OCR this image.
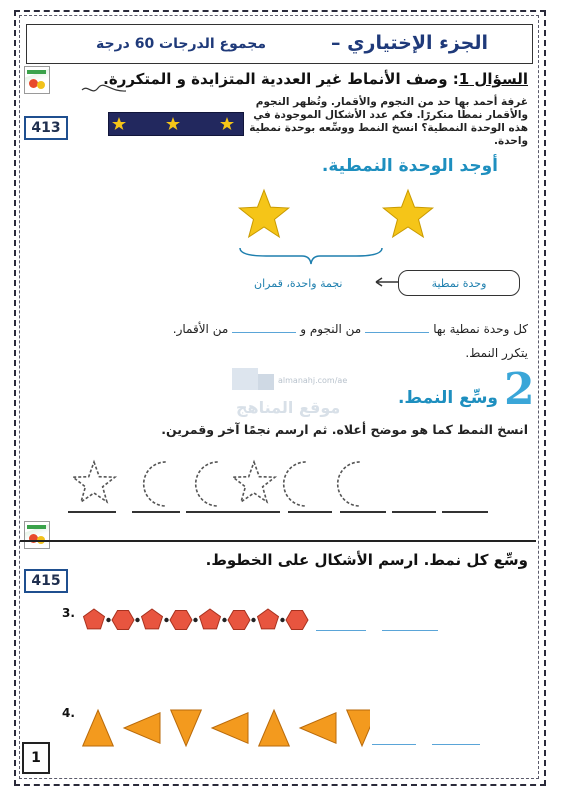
الجزء الإختياري –
مجموع الدرجات 60 درجة
413
السؤال 1: وصف الأنماط غير العددية المتزايدة و المتكررة.
غرفة أحمد بها حد من النجوم والأقمار. وتُظهر النجوم والأقمار نمطًا متكررًا. فكم عدد الأشكال الموجودة في هذه الوحدة النمطية؟ انسخ النمط ووسِّعه بوحدة نمطية واحدة.
أوجد الوحدة النمطية.
نجمة واحدة، قمران	وحدة نمطية
كل وحدة نمطية بهامن النجوم ومن الأقمار.
يتكرر النمط.
almanahj.com/ae
موقع المناهج	2
وسِّع النمط.
انسخ النمط كما هو موضح أعلاه. ثم ارسم نجمًا آخر وقمرين.
415
وسِّع كل نمط. ارسم الأشكال على الخطوط.
3.
4.
1
